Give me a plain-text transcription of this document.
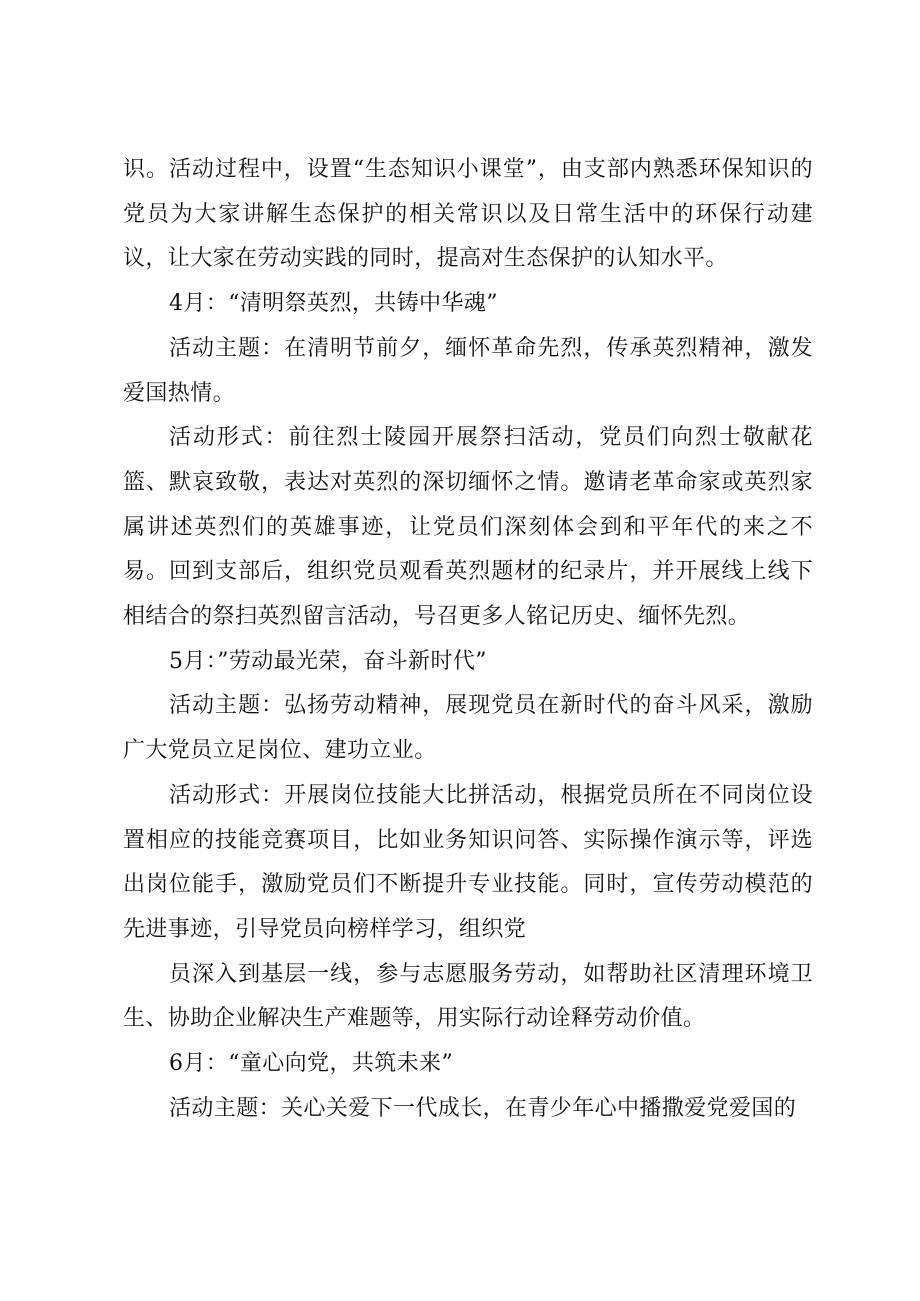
识。活动过程中，设置“生态知识小课堂”，由支部内熟悉环保知识的党员为大家讲解生态保护的相关常识以及日常生活中的环保行动建议，让大家在劳动实践的同时，提高对生态保护的认知水平。

4月：“清明祭英烈，共铸中华魂”

活动主题：在清明节前夕，缅怀革命先烈，传承英烈精神，激发爱国热情。

活动形式：前往烈士陵园开展祭扫活动，党员们向烈士敬献花篮、默哀致敬，表达对英烈的深切缅怀之情。邀请老革命家或英烈家属讲述英烈们的英雄事迹，让党员们深刻体会到和平年代的来之不易。回到支部后，组织党员观看英烈题材的纪录片，并开展线上线下相结合的祭扫英烈留言活动，号召更多人铭记历史、缅怀先烈。

5月：”劳动最光荣，奋斗新时代”

活动主题：弘扬劳动精神，展现党员在新时代的奋斗风采，激励广大党员立足岗位、建功立业。

活动形式：开展岗位技能大比拼活动，根据党员所在不同岗位设置相应的技能竞赛项目，比如业务知识问答、实际操作演示等，评选出岗位能手，激励党员们不断提升专业技能。同时，宣传劳动模范的先进事迹，引导党员向榜样学习，组织党

员深入到基层一线，参与志愿服务劳动，如帮助社区清理环境卫生、协助企业解决生产难题等，用实际行动诠释劳动价值。

6月：“童心向党，共筑未来”

活动主题：关心关爱下一代成长，在青少年心中播撒爱党爱国的
